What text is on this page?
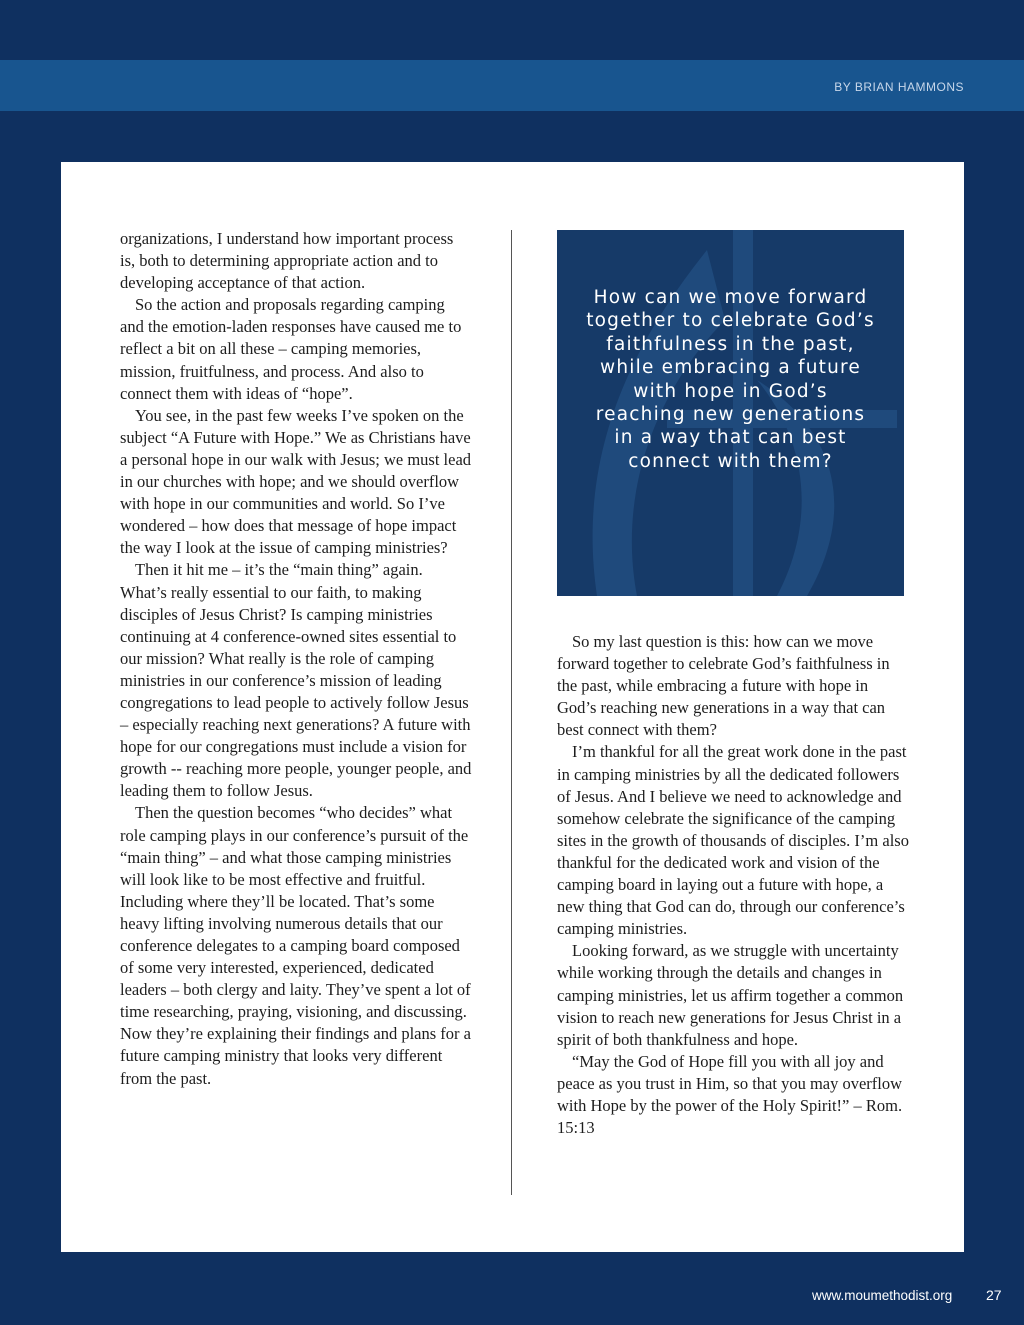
BY BRIAN HAMMONS

organizations, I understand how important process is, both to determining appropriate action and to developing acceptance of that action.

So the action and proposals regarding camping and the emotion-laden responses have caused me to reflect a bit on all these – camping memories, mission, fruitfulness, and process. And also to connect them with ideas of “hope”.

You see, in the past few weeks I’ve spoken on the subject “A Future with Hope.” We as Christians have a personal hope in our walk with Jesus; we must lead in our churches with hope; and we should overflow with hope in our communities and world. So I’ve wondered – how does that message of hope impact the way I look at the issue of camping ministries?

Then it hit me – it’s the “main thing” again. What’s really essential to our faith, to making disciples of Jesus Christ? Is camping ministries continuing at 4 conference-owned sites essential to our mission? What really is the role of camping ministries in our conference’s mission of leading congregations to lead people to actively follow Jesus – especially reaching next generations? A future with hope for our congregations must include a vision for growth -- reaching more people, younger people, and leading them to follow Jesus.

Then the question becomes “who decides” what role camping plays in our conference’s pursuit of the “main thing” – and what those camping ministries will look like to be most effective and fruitful. Including where they’ll be located. That’s some heavy lifting involving numerous details that our conference delegates to a camping board composed of some very interested, experienced, dedicated leaders – both clergy and laity. They’ve spent a lot of time researching, praying, visioning, and discussing. Now they’re explaining their findings and plans for a future camping ministry that looks very different from the past.

How can we move forward together to celebrate God’s faithfulness in the past, while embracing a future with hope in God’s reaching new generations in a way that can best connect with them?

So my last question is this: how can we move forward together to celebrate God’s faithfulness in the past, while embracing a future with hope in God’s reaching new generations in a way that can best connect with them?

I’m thankful for all the great work done in the past in camping ministries by all the dedicated followers of Jesus. And I believe we need to acknowledge and somehow celebrate the significance of the camping sites in the growth of thousands of disciples. I’m also thankful for the dedicated work and vision of the camping board in laying out a future with hope, a new thing that God can do, through our conference’s camping ministries.

Looking forward, as we struggle with uncertainty while working through the details and changes in camping ministries, let us affirm together a common vision to reach new generations for Jesus Christ in a spirit of both thankfulness and hope.

“May the God of Hope fill you with all joy and peace as you trust in Him, so that you may overflow with Hope by the power of the Holy Spirit!” – Rom. 15:13

www.moumethodist.org 27
